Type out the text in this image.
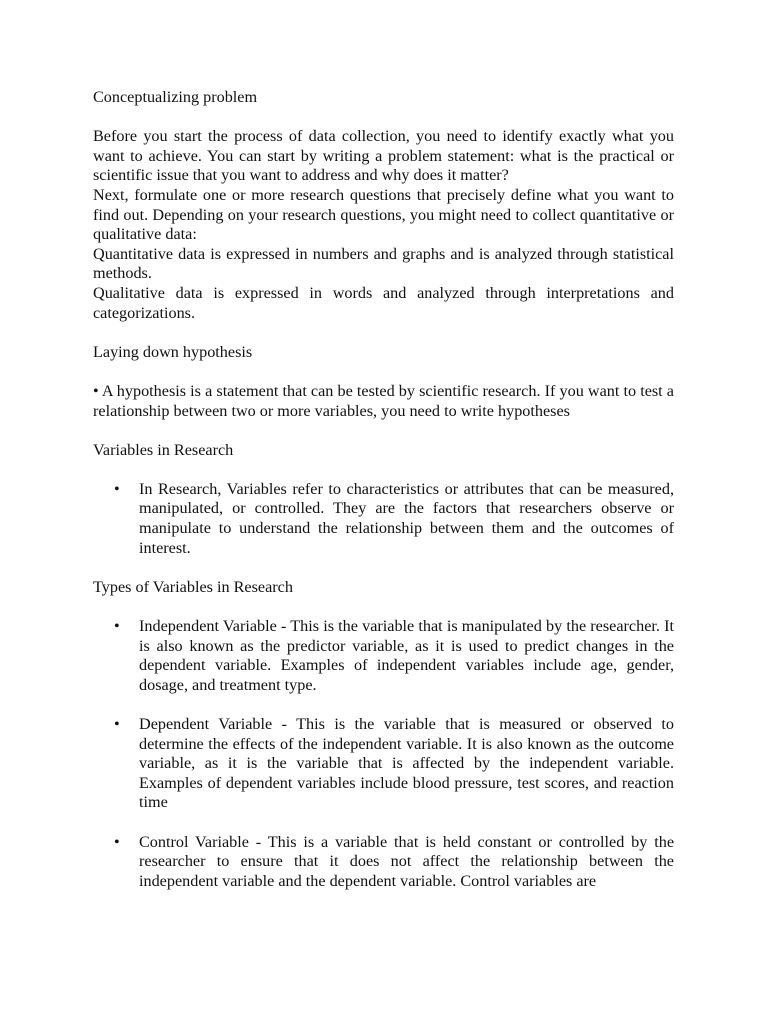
Conceptualizing problem

Before you start the process of data collection, you need to identify exactly what you want to achieve. You can start by writing a problem statement: what is the practical or scientific issue that you want to address and why does it matter?

Next, formulate one or more research questions that precisely define what you want to find out. Depending on your research questions, you might need to collect quantitative or qualitative data:

Quantitative data is expressed in numbers and graphs and is analyzed through statistical methods.

Qualitative data is expressed in words and analyzed through interpretations and categorizations.

Laying down hypothesis

• A hypothesis is a statement that can be tested by scientific research. If you want to test a relationship between two or more variables, you need to write hypotheses

Variables in Research

• In Research, Variables refer to characteristics or attributes that can be measured, manipulated, or controlled. They are the factors that researchers observe or manipulate to understand the relationship between them and the outcomes of interest.

Types of Variables in Research

• Independent Variable - This is the variable that is manipulated by the researcher. It is also known as the predictor variable, as it is used to predict changes in the dependent variable. Examples of independent variables include age, gender, dosage, and treatment type.
• Dependent Variable - This is the variable that is measured or observed to determine the effects of the independent variable. It is also known as the outcome variable, as it is the variable that is affected by the independent variable. Examples of dependent variables include blood pressure, test scores, and reaction time
• Control Variable - This is a variable that is held constant or controlled by the researcher to ensure that it does not affect the relationship between the independent variable and the dependent variable. Control variables are
